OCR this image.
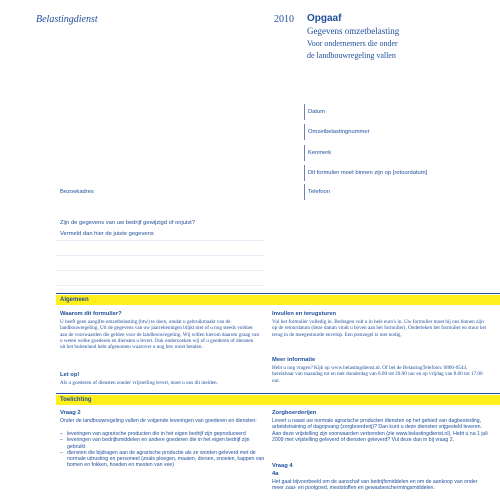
Belastingdienst	2010 Opgaaf
Gegevens omzetbelasting
Voor ondernemers die onder
de landbouwregeling vallen
Datum
Omzetbelastingnummer
Kenmerk
Dit formulier moet binnen zijn op [retourdatum]
Telefoon
Bezoekadres
Zijn de gegevens van uw bedrijf gewijzigd of onjuist?
Vermeld dan hier de juiste gegevens
Algemeen
Waarom dit formulier?
U heeft geen aangifte omzetbelasting (btw) te doen, omdat u gebruikmaakt van de landbouwregeling. Uit de gegevens van uw jaarrekeningen blijkt niet of u nog steeds voldoet aan de voorwaarden die gelden voor de landbouwregeling. Wij willen hierom daarom graag van u weten welke goederen en diensten u levert. Ook onderzoeken wij of u goederen of diensten uit het buitenland hebt afgenomen waarover u nog btw moet betalen.
Let op!
Als u goederen of diensten zonder vrijstelling levert, moet u ons dit melden.
Invullen en terugsturen
Vul het formulier volledig in. Bedragen vult u in hele euro's in. Uw formulier moet bij ons binnen zijn op de retourdatum (deze datum vindt u boven aan het formulier). Onderteken het formulier en stuur het terug in de meegestuurde envelop. Een postzegel is niet nodig.
Meer informatie
Hebt u nog vragen? Kijk op www.belastingdienst.nl. Of bel de BelastingTelefoon: 0800-0543, bereikbaar van maandag tot en met donderdag van 8.00 tot 20.00 uur en op vrijdag van 8.00 tot 17.00 uur.
Toelichting
Vraag 2
Onder de landbouwregeling vallen de volgende leveringen van goederen en diensten:
– leveringen van agrarische producten die in het eigen bedrijf zijn geproduceerd
– leveringen van bedrijfsmiddelen en andere goederen die in het eigen bedrijf zijn gebruikt
– diensten die bijdragen aan de agrarische productie als ze worden geleverd met de normale uitrusting en personeel (zoals ploegen, maaien, dorsen, snoeien, kappen van bomen en fokken, hoeden en mesten van vee)
Zorgboerderijen
Levert u naast uw normale agrarische producten diensten op het gebied van dagbesteding, arbeidstraining of dagopvang (zorgboerderij)? Dan kunt u deze diensten vrijgesteld leveren. Aan deze vrijstelling zijn voorwaarden verbonden (zie www.belastingdienst.nl). Hebt u na 1 juli 2009 met vrijstelling geleverd of diensten geleverd? Vul deze dan in bij vraag 2.
Vraag 4
4a
Het gaat bijvoorbeeld om de aanschaf van bedrijfsmiddelen en om de aankoop van onder meer zaai- en pootgoed, meststoffen en gewasbeschermingsmiddelen.
